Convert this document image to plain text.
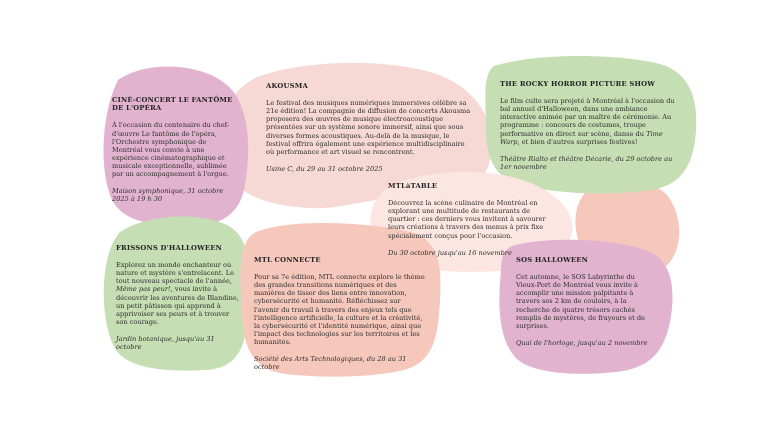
CINÉ-CONCERT LE FANTÔME DE L'OPÉRA

À l'occasion du centenaire du chef-d'œuvre Le fantôme de l'opéra, l'Orchestre symphonique de Montréal vous convie à une expérience cinématographique et musicale exceptionnelle, sublimée par un accompagnement à l'orgue.

Maison symphonique, 31 octobre 2025 à 19 h 30

AKOUSMA

Le festival des musiques numériques immersives célèbre sa 21e édition! La compagnie de diffusion de concerts Akousma proposera des œuvres de musique électroacoustique présentées sur un système sonore immersif, ainsi que sous diverses formes acoustiques. Au-delà de la musique, le festival offrira également une expérience multidisciplinaire où performance et art visuel se rencontrent.

Usine C, du 29 au 31 octobre 2025

THE ROCKY HORROR PICTURE SHOW

Le film culte sera projeté à Montréal à l'occasion du bal annuel d'Halloween, dans une ambiance interactive animée par un maître de cérémonie. Au programme : concours de costumes, troupe performative en direct sur scène, danse du Time Warp, et bien d'autres surprises festives!

Théâtre Rialto et théâtre Décarie, du 29 octobre au 1er novembre

MTLàTABLE

Découvrez la scène culinaire de Montréal en explorant une multitude de restaurants de quartier : ces derniers vous invitent à savourer leurs créations à travers des menus à prix fixe spécialement conçus pour l'occasion.

Du 30 octobre jusqu'au 16 novembre

FRISSONS D'HALLOWEEN

Explorez un monde enchanteur où nature et mystère s'entrelacent. Le tout nouveau spectacle de l'année, Même pas peur!, vous invite à découvrir les aventures de Blandine, un petit pâtisson qui apprend à apprivoiser ses peurs et à trouver son courage.

Jardin botanique, jusqu'au 31 octobre

MTL CONNECTE

Pour sa 7e édition, MTL connecte explore le thème des grandes transitions numériques et des manières de tisser des liens entre innovation, cybersécurité et humanité. Réfléchissez sur l'avenir du travail à travers des enjeux tels que l'intelligence artificielle, la culture et la créativité, la cybersécurité et l'identité numérique, ainsi que l'impact des technologies sur les territoires et les humanités.

Société des Arts Technologiques, du 28 au 31 octobre

SOS HALLOWEEN

Cet automne, le SOS Labyrinthe du Vieux-Port de Montréal vous invite à accomplir une mission palpitante à travers ses 2 km de couloirs, à la recherche de quatre trésors cachés remplis de mystères, de frayeurs et de surprises.

Quai de l'horloge, jusqu'au 2 novembre
